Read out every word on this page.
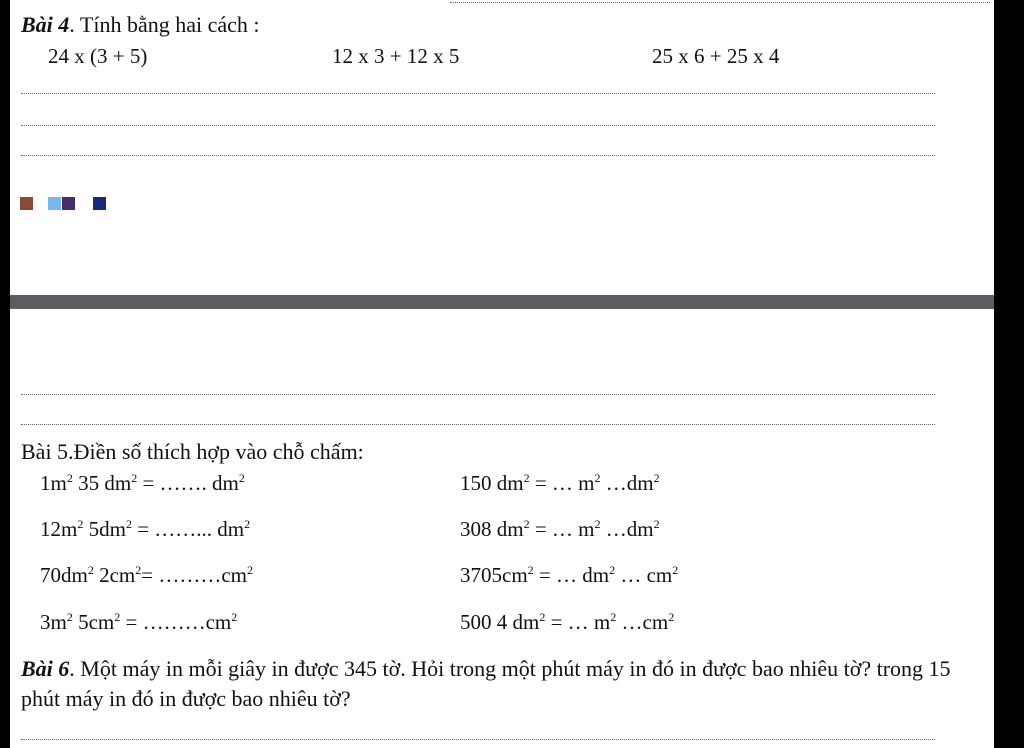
Bài 4. Tính bằng hai cách :
24 x (3 + 5)	12 x 3 + 12 x 5	25 x 6 + 25 x 4
Bài 5.Điền số thích hợp vào chỗ chấm:
$1m^2$ 35 $dm^2$ = ……. $dm^2$
$12m^2$ $5dm^2$ = ……... $dm^2$
$70dm^2$ $2cm^2=$ $\dots\dots\dots cm^2$
$3m^2$ $5cm^2$ = $\dots\dots\dots cm^2$
150 $dm^2$ = … $m^2$ $\dots dm^2$
308 $dm^2$ = … $m^2$ $\dots dm^2$
$3705cm^2$ = … $dm^2$ … $cm^2$
500 4 $dm^2$ = … $m^2$ $\dots cm^2$
Bài 6. Một máy in mỗi giây in được 345 tờ. Hỏi trong một phút máy in đó in được bao nhiêu tờ? trong 15 phút máy in đó in được bao nhiêu tờ?
